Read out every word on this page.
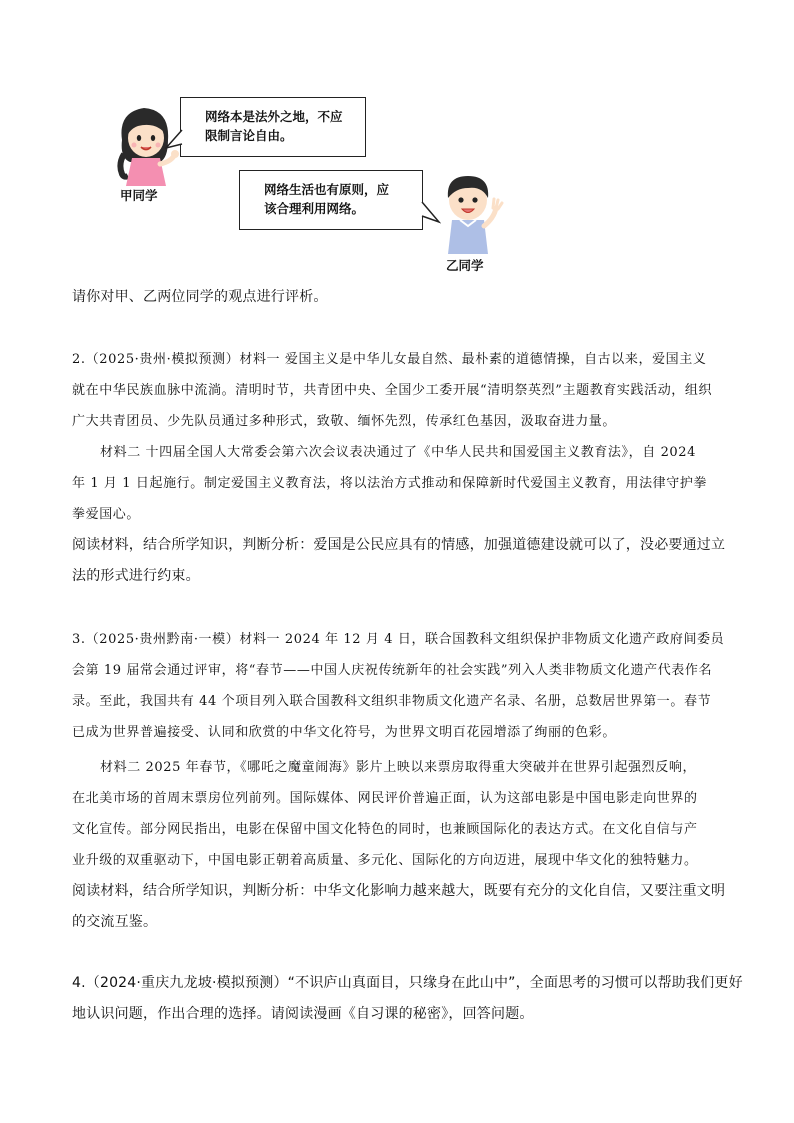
甲同学
网络本是法外之地，不应
限制言论自由。
网络生活也有原则，应
该合理利用网络。
乙同学
请你对甲、乙两位同学的观点进行评析。
2.（2025·贵州·模拟预测）材料一 爱国主义是中华儿女最自然、最朴素的道德情操，自古以来，爱国主义
就在中华民族血脉中流淌。清明时节，共青团中央、全国少工委开展“清明祭英烈”主题教育实践活动，组织
广大共青团员、少先队员通过多种形式，致敬、缅怀先烈，传承红色基因，汲取奋进力量。
材料二 十四届全国人大常委会第六次会议表决通过了《中华人民共和国爱国主义教育法》，自 2024
年 1 月 1 日起施行。制定爱国主义教育法，将以法治方式推动和保障新时代爱国主义教育，用法律守护拳
拳爱国心。
阅读材料，结合所学知识，判断分析：爱国是公民应具有的情感，加强道德建设就可以了，没必要通过立
法的形式进行约束。
3.（2025·贵州黔南·一模）材料一 2024 年 12 月 4 日，联合国教科文组织保护非物质文化遗产政府间委员
会第 19 届常会通过评审，将“春节——中国人庆祝传统新年的社会实践”列入人类非物质文化遗产代表作名
录。至此，我国共有 44 个项目列入联合国教科文组织非物质文化遗产名录、名册，总数居世界第一。春节
已成为世界普遍接受、认同和欣赏的中华文化符号，为世界文明百花园增添了绚丽的色彩。
材料二 2025 年春节，《哪吒之魔童闹海》影片上映以来票房取得重大突破并在世界引起强烈反响，
在北美市场的首周末票房位列前列。国际媒体、网民评价普遍正面，认为这部电影是中国电影走向世界的
文化宣传。部分网民指出，电影在保留中国文化特色的同时，也兼顾国际化的表达方式。在文化自信与产
业升级的双重驱动下，中国电影正朝着高质量、多元化、国际化的方向迈进，展现中华文化的独特魅力。
阅读材料，结合所学知识，判断分析：中华文化影响力越来越大，既要有充分的文化自信，又要注重文明
的交流互鉴。
4.（2024·重庆九龙坡·模拟预测）“不识庐山真面目，只缘身在此山中”，全面思考的习惯可以帮助我们更好
地认识问题，作出合理的选择。请阅读漫画《自习课的秘密》，回答问题。
